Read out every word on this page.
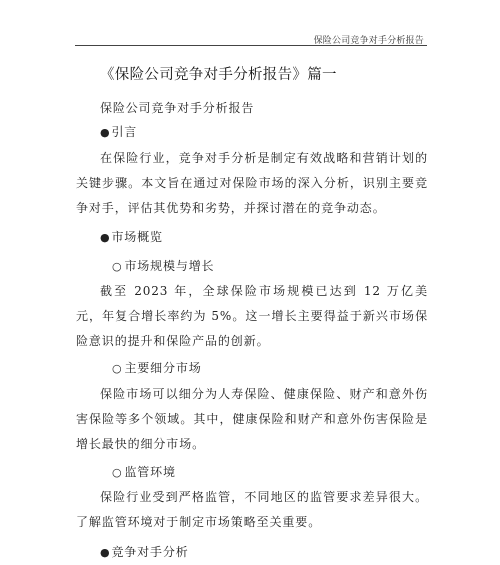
保险公司竞争对手分析报告
《保险公司竞争对手分析报告》篇一
保险公司竞争对手分析报告
●引言
在保险行业，竞争对手分析是制定有效战略和营销计划的关键步骤。本文旨在通过对保险市场的深入分析，识别主要竞争对手，评估其优势和劣势，并探讨潜在的竞争动态。
●市场概览
○ 市场规模与增长
截至 2023 年，全球保险市场规模已达到 12 万亿美元，年复合增长率约为 5%。这一增长主要得益于新兴市场保险意识的提升和保险产品的创新。
○ 主要细分市场
保险市场可以细分为人寿保险、健康保险、财产和意外伤害保险等多个领域。其中，健康保险和财产和意外伤害保险是增长最快的细分市场。
○ 监管环境
保险行业受到严格监管，不同地区的监管要求差异很大。了解监管环境对于制定市场策略至关重要。
●竞争对手分析
